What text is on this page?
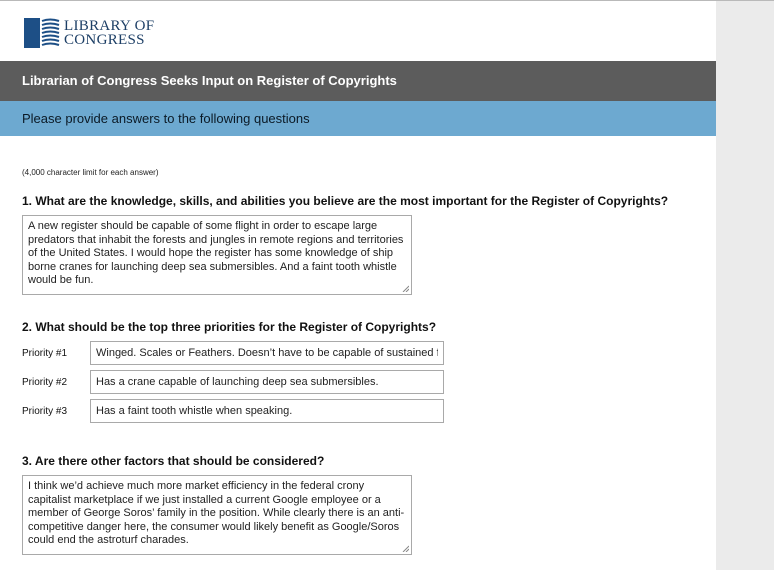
LIBRARY OF
CONGRESS
Librarian of Congress Seeks Input on Register of Copyrights
Please provide answers to the following questions
(4,000 character limit for each answer)
1. What are the knowledge, skills, and abilities you believe are the most important for the Register of Copyrights?
A new register should be capable of some flight in order to escape large predators that inhabit the forests and jungles in remote regions and territories of the United States. I would hope the register has some knowledge of ship borne cranes for launching deep sea submersibles. And a faint tooth whistle would be fun.
2. What should be the top three priorities for the Register of Copyrights?
Priority #1
Winged. Scales or Feathers. Doesn’t have to be capable of sustained flight.
Priority #2
Has a crane capable of launching deep sea submersibles.
Priority #3
Has a faint tooth whistle when speaking.
3. Are there other factors that should be considered?
I think we’d achieve much more market efficiency in the federal crony capitalist marketplace if we just installed a current Google employee or a member of George Soros’ family in the position. While clearly there is an anti-competitive danger here, the consumer would likely benefit as Google/Soros could end the astroturf charades.
